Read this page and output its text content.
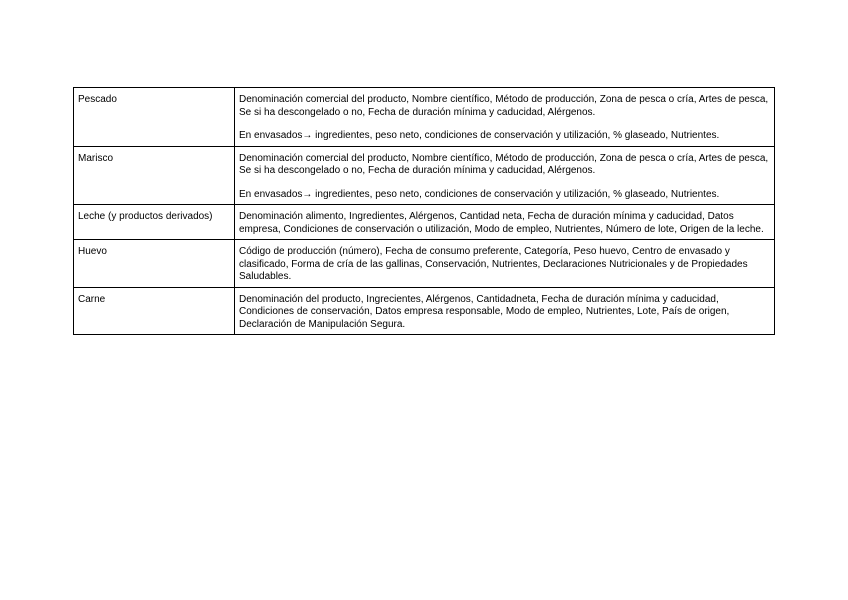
Pescado	Denominación comercial del producto, Nombre científico, Método de producción, Zona de pesca o cría, Artes de pesca, Se si ha descongelado o no, Fecha de duración mínima y caducidad, Alérgenos.

En envasados→ ingredientes, peso neto, condiciones de conservación y utilización, % glaseado, Nutrientes.

Marisco	Denominación comercial del producto, Nombre científico, Método de producción, Zona de pesca o cría, Artes de pesca, Se si ha descongelado o no, Fecha de duración mínima y caducidad, Alérgenos.

En envasados→ ingredientes, peso neto, condiciones de conservación y utilización, % glaseado, Nutrientes.

Leche (y productos derivados)	Denominación alimento, Ingredientes, Alérgenos, Cantidad neta, Fecha de duración mínima y caducidad, Datos empresa, Condiciones de conservación o utilización, Modo de empleo, Nutrientes, Número de lote, Origen de la leche.

Huevo	Código de producción (número), Fecha de consumo preferente, Categoría, Peso huevo, Centro de envasado y clasificado, Forma de cría de las gallinas, Conservación, Nutrientes, Declaraciones Nutricionales y de Propiedades Saludables.

Carne	Denominación del producto, Ingrecientes, Alérgenos, Cantidadneta, Fecha de duración mínima y caducidad, Condiciones de conservación, Datos empresa responsable, Modo de empleo, Nutrientes, Lote, País de origen, Declaración de Manipulación Segura.
